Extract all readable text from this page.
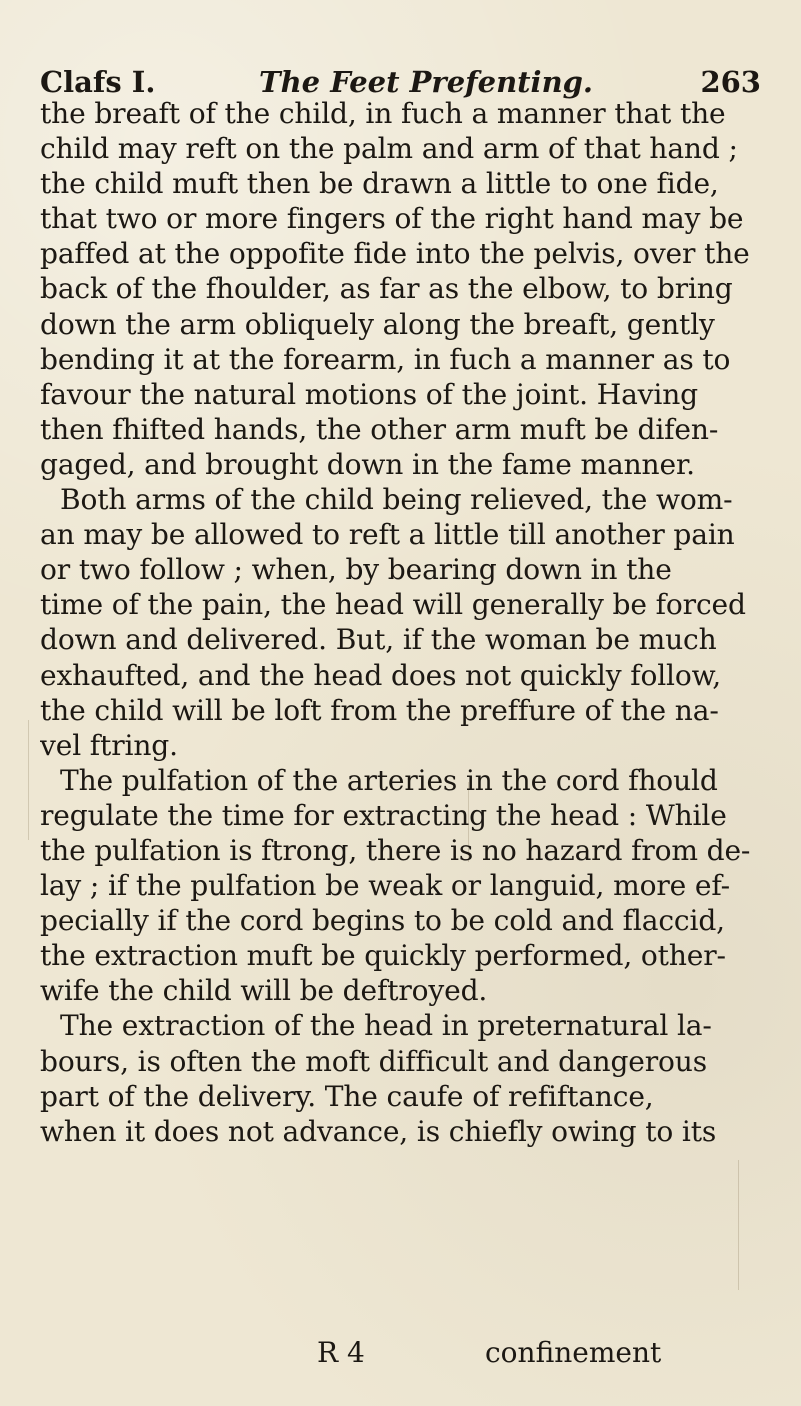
Clafs I.	The Feet Prefenting.	263
the breaft of the child, in fuch a manner that the
child may reft on the palm and arm of that hand ;
the child muft then be drawn a little to one fide,
that two or more fingers of the right hand may be
paffed at the oppofite fide into the pelvis, over the
back of the fhoulder, as far as the elbow, to bring
down the arm obliquely along the breaft, gently
bending it at the forearm, in fuch a manner as to
favour the natural motions of the joint. Having
then fhifted hands, the other arm muft be difen-
gaged, and brought down in the fame manner.
Both arms of the child being relieved, the wom-
an may be allowed to reft a little till another pain
or two follow ; when, by bearing down in the
time of the pain, the head will generally be forced
down and delivered. But, if the woman be much
exhaufted, and the head does not quickly follow,
the child will be loft from the preffure of the na-
vel ftring.
The pulfation of the arteries in the cord fhould
regulate the time for extracting the head : While
the pulfation is ftrong, there is no hazard from de-
lay ; if the pulfation be weak or languid, more ef-
pecially if the cord begins to be cold and flaccid,
the extraction muft be quickly performed, other-
wife the child will be deftroyed.
The extraction of the head in preternatural la-
bours, is often the moft difficult and dangerous
part of the delivery. The caufe of refiftance,
when it does not advance, is chiefly owing to its
R 4	confinement
